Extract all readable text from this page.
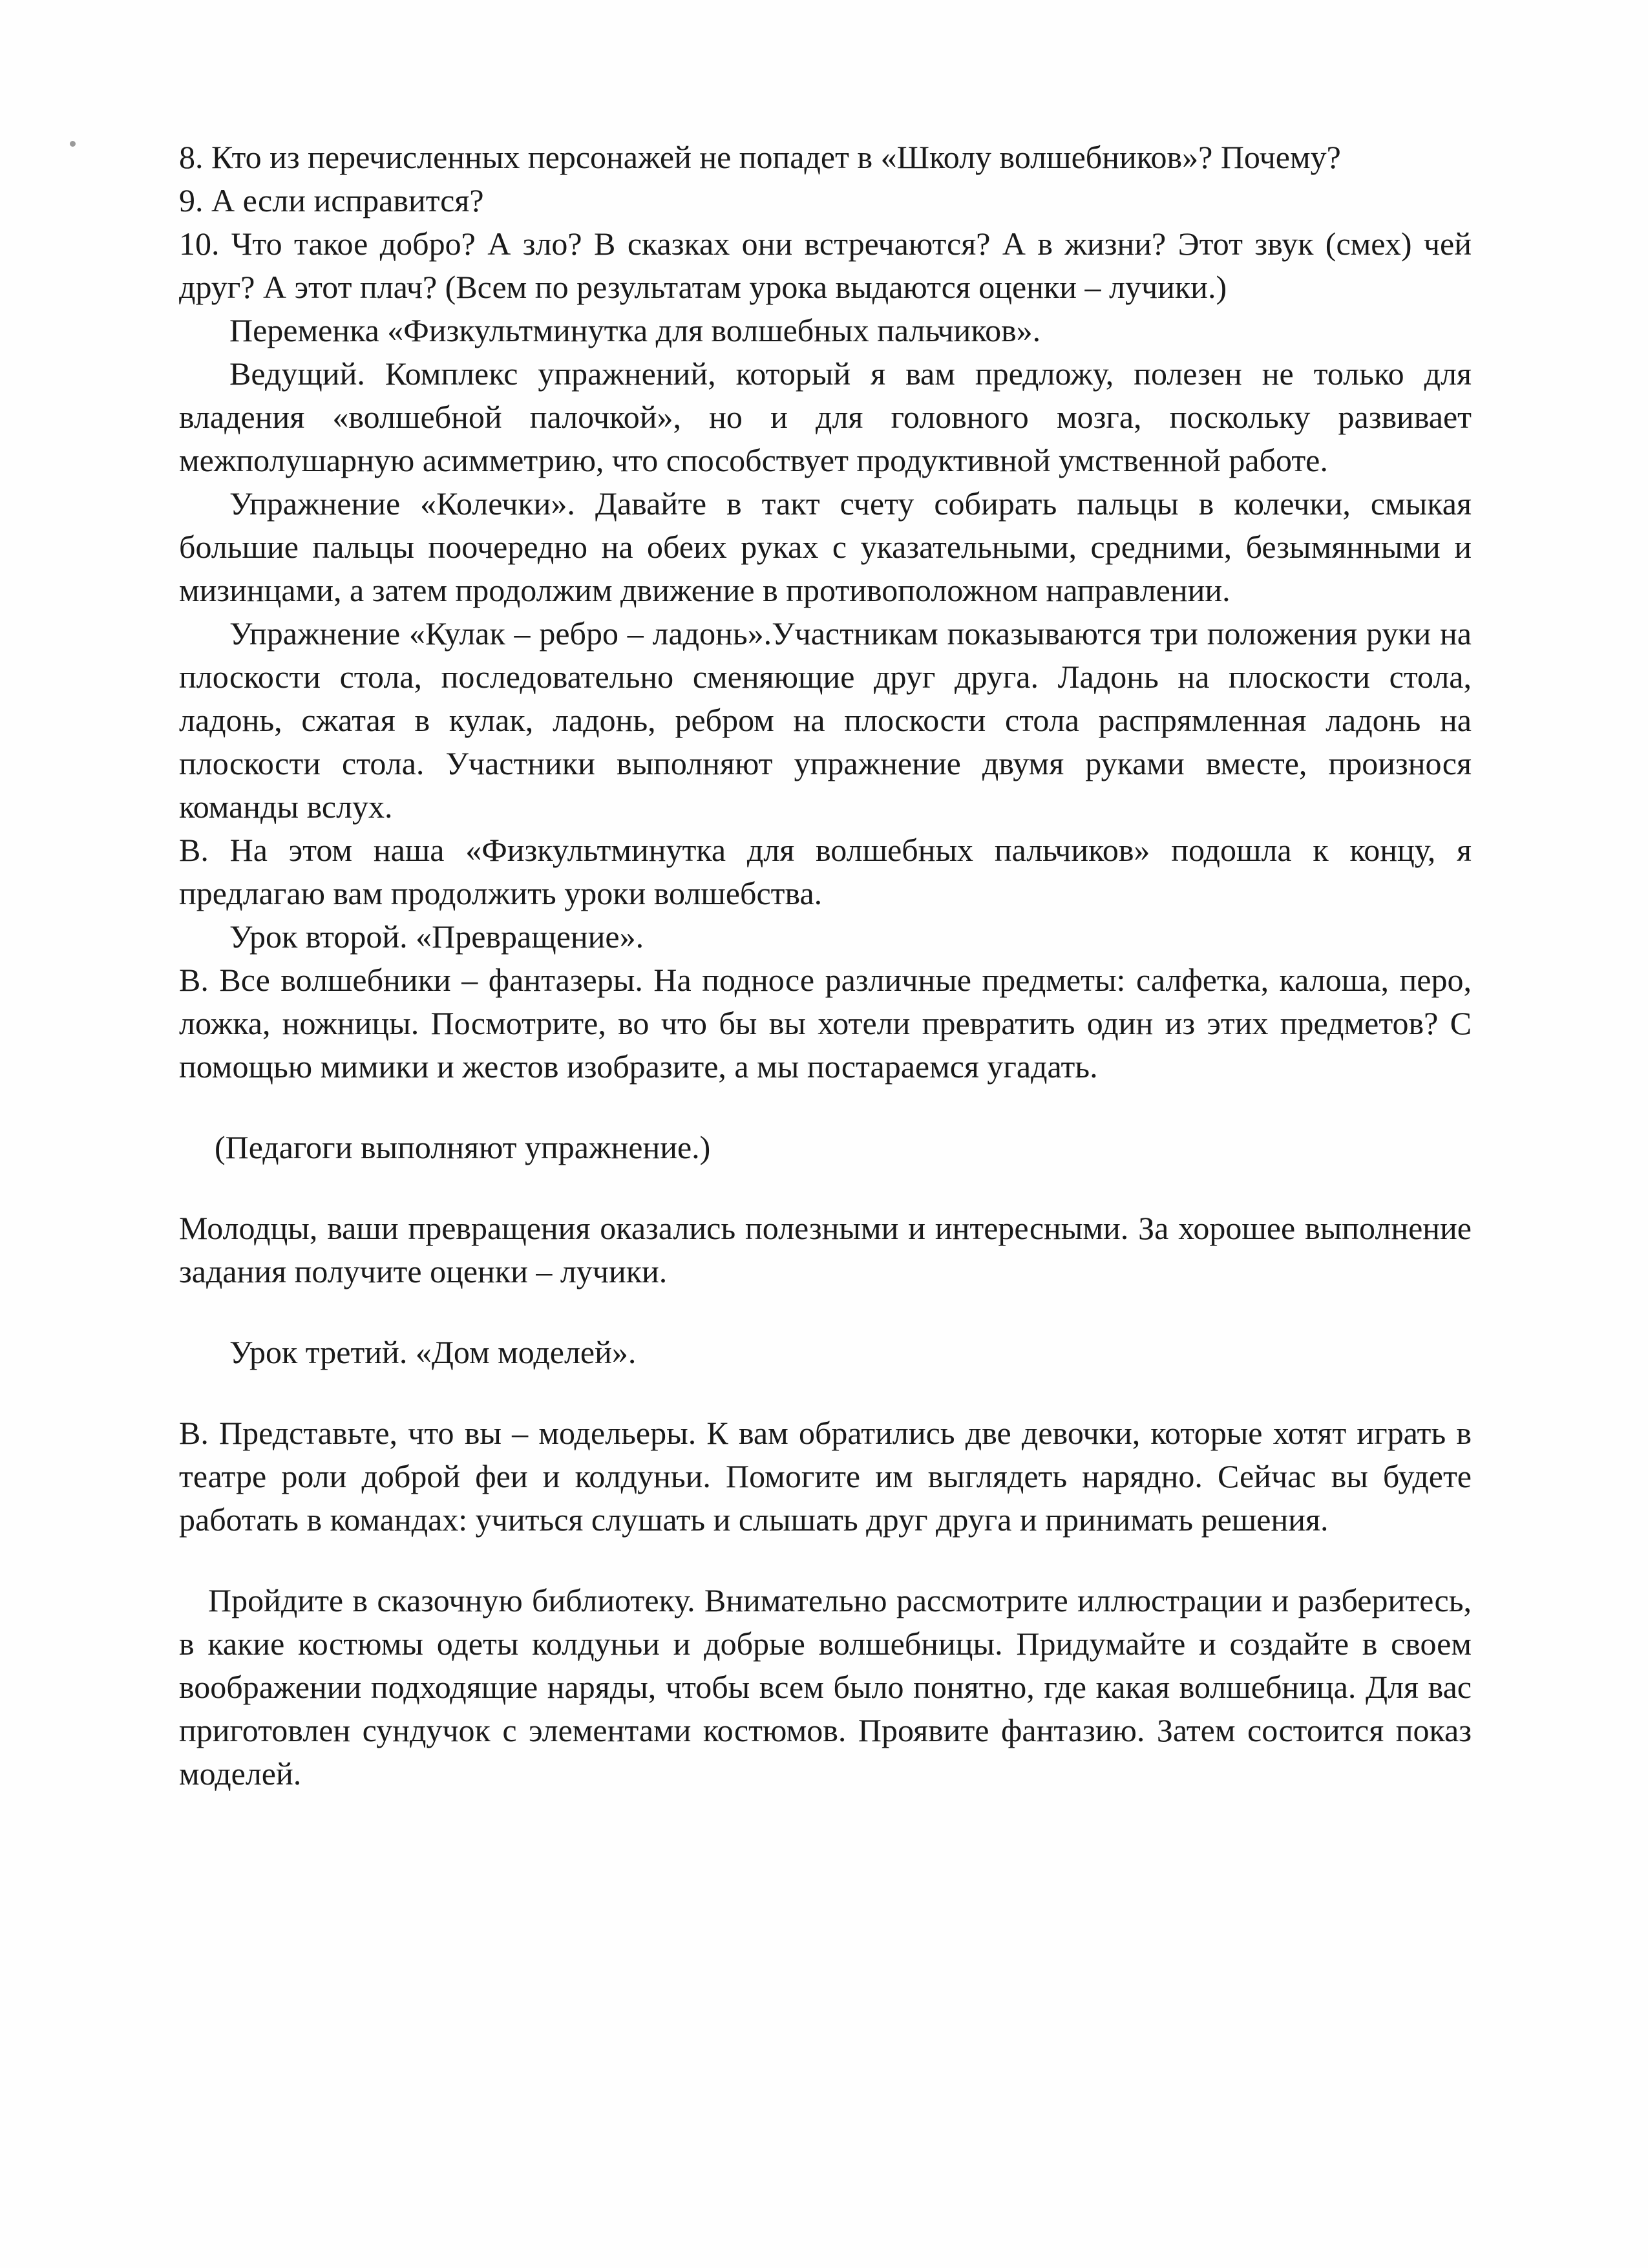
8. Кто из перечисленных персонажей не попадет в «Школу волшебников»? Почему?

9. А если исправится?

10. Что такое добро? А зло? В сказках они встречаются? А в жизни? Этот звук (смех) чей друг? А этот плач? (Всем по результатам урока выдаются оценки – лучики.)

Переменка «Физкультминутка для волшебных пальчиков».

Ведущий. Комплекс упражнений, который я вам предложу, полезен не только для владения «волшебной палочкой», но и для головного мозга, поскольку развивает межполушарную асимметрию, что способствует продуктивной умственной работе.

Упражнение «Колечки». Давайте в такт счету собирать пальцы в колечки, смыкая большие пальцы поочередно на обеих руках с указательными, средними, безымянными и мизинцами, а затем продолжим движение в противоположном направлении.

Упражнение «Кулак – ребро – ладонь».Участникам показываются три положения руки на плоскости стола, последовательно сменяющие друг друга. Ладонь на плоскости стола, ладонь, сжатая в кулак, ладонь, ребром на плоскости стола распрямленная ладонь на плоскости стола. Участники выполняют упражнение двумя руками вместе, произнося команды вслух.

В. На этом наша «Физкультминутка для волшебных пальчиков» подошла к концу, я предлагаю вам продолжить уроки волшебства.

Урок второй. «Превращение».

В. Все волшебники – фантазеры. На подносе различные предметы: салфетка, калоша, перо, ложка, ножницы. Посмотрите, во что бы вы хотели превратить один из этих предметов? С помощью мимики и жестов изобразите, а мы постараемся угадать.

(Педагоги выполняют упражнение.)

Молодцы, ваши превращения оказались полезными и интересными. За хорошее выполнение задания получите оценки – лучики.

Урок третий. «Дом моделей».

В. Представьте, что вы – модельеры. К вам обратились две девочки, которые хотят играть в театре роли доброй феи и колдуньи. Помогите им выглядеть нарядно. Сейчас вы будете работать в командах: учиться слушать и слышать друг друга и принимать решения.

Пройдите в сказочную библиотеку. Внимательно рассмотрите иллюстрации и разберитесь, в какие костюмы одеты колдуньи и добрые волшебницы. Придумайте и создайте в своем воображении подходящие наряды, чтобы всем было понятно, где какая волшебница. Для вас приготовлен сундучок с элементами костюмов. Проявите фантазию. Затем состоится показ моделей.
